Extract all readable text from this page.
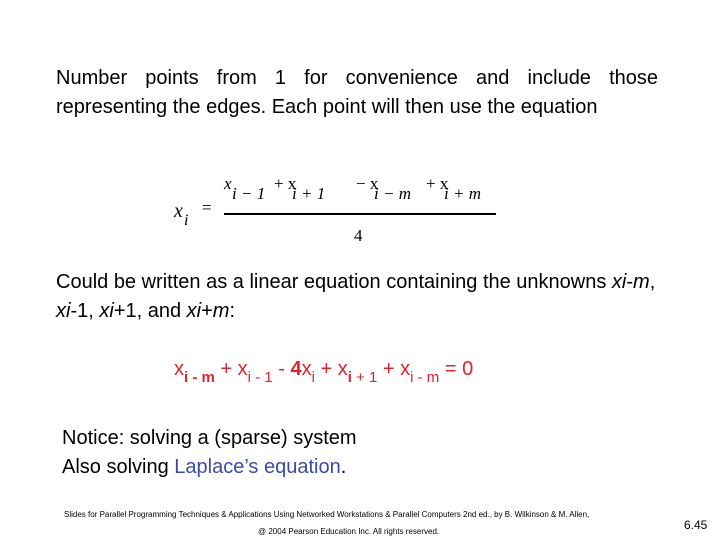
Number points from 1 for convenience and include those representing the edges. Each point will then use the equation
x i
=
x
i − 1
+ x
i + 1
− x
i − m
+ x
i + m
4
Could be written as a linear equation containing the unknowns xi-m, xi-1, xi+1, and xi+m:
$x_{i - m} + x_{i - 1} - 4x_i + x_i$ $_{+ 1} + x_{i - m} = 0$
Notice: solving a (sparse) system
Also solving Laplace’s equation.
Slides for Parallel Programming Techniques & Applications Using Networked Workstations & Parallel Computers 2nd ed., by B. Wilkinson & M. Allen,
@ 2004 Pearson Education Inc. All rights reserved.	6.45
